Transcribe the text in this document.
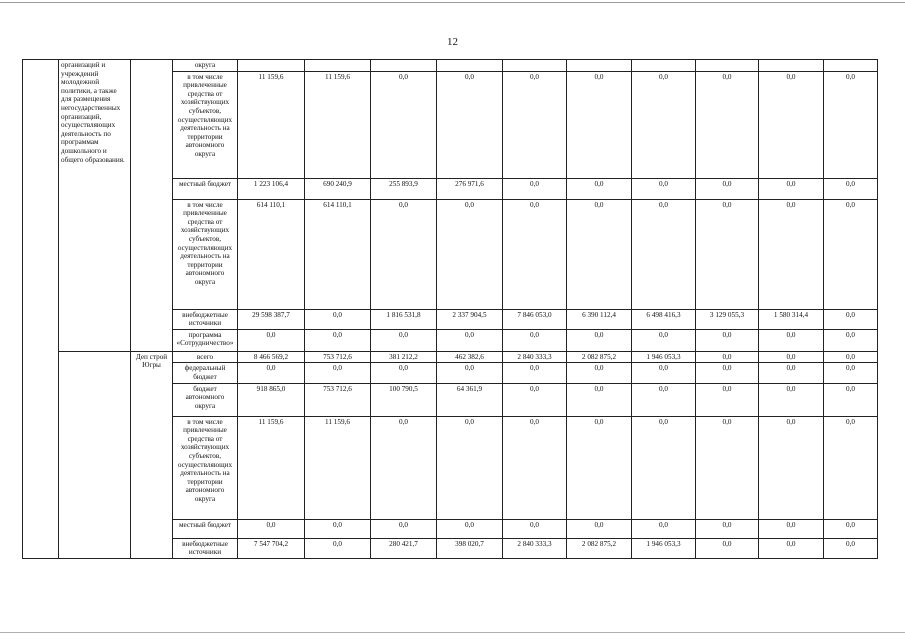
12
	организаций и учреждений молодежной политики, а также для размещения негосударственных организаций, осуществляющих деятельность по программам дошкольного и общего образования.		округа										
			в том числе привлеченные средства от хозяйствующих субъектов, осуществляющих деятельность на территории автономного округа	11 159,6	11 159,6	0,0	0,0	0,0	0,0	0,0	0,0	0,0	0,0
			местный бюджет	1 223 106,4	690 240,9	255 893,9	276 971,6	0,0	0,0	0,0	0,0	0,0	0,0
			в том числе привлеченные средства от хозяйствующих субъектов, осуществляющих деятельность на территории автономного округа	614 110,1	614 110,1	0,0	0,0	0,0	0,0	0,0	0,0	0,0	0,0
			внебюджетные источники	29 598 387,7	0,0	1 816 531,8	2 337 904,5	7 846 053,0	6 390 112,4	6 498 416,3	3 129 055,3	1 580 314,4	0,0
			программа «Сотрудничество»	0,0	0,0	0,0	0,0	0,0	0,0	0,0	0,0	0,0	0,0
		Деп строй Югры	всего	8 466 569,2	753 712,6	381 212,2	462 382,6	2 840 333,3	2 082 875,2	1 946 053,3	0,0	0,0	0,0
			федеральный бюджет	0,0	0,0	0,0	0,0	0,0	0,0	0,0	0,0	0,0	0,0
			бюджет автономного округа	918 865,0	753 712,6	100 790,5	64 361,9	0,0	0,0	0,0	0,0	0,0	0,0
			в том числе привлеченные средства от хозяйствующих субъектов, осуществляющих деятельность на территории автономного округа	11 159,6	11 159,6	0,0	0,0	0,0	0,0	0,0	0,0	0,0	0,0
			местный бюджет	0,0	0,0	0,0	0,0	0,0	0,0	0,0	0,0	0,0	0,0
			внебюджетные источники	7 547 704,2	0,0	280 421,7	398 020,7	2 840 333,3	2 082 875,2	1 946 053,3	0,0	0,0	0,0
